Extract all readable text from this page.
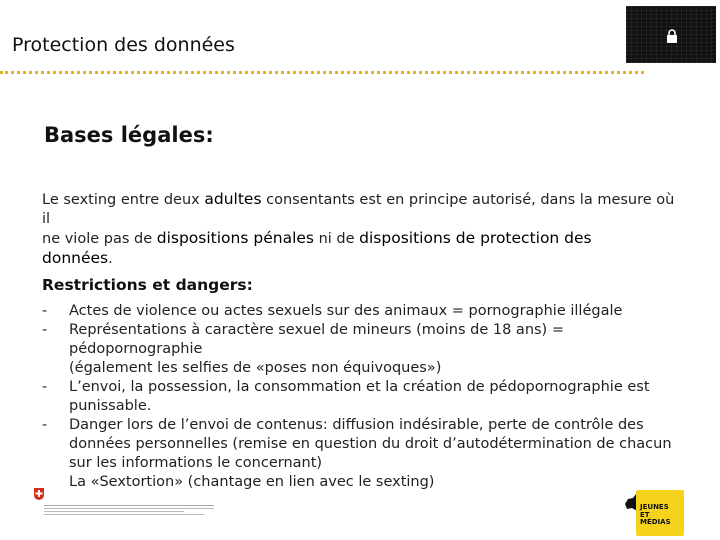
Protection des données
Bases légales:
Le sexting entre deux adultes consentants est en principe autorisé, dans la mesure où il
ne viole pas de dispositions pénales ni de dispositions de protection des
données.
Restrictions et dangers:
- Actes de violence ou actes sexuels sur des animaux = pornographie illégale
- Représentations à caractère sexuel de mineurs (moins de 18 ans) =
pédopornographie
(également les selfies de «poses non équivoques»)
- L’envoi, la possession, la consommation et la création de pédopornographie est
punissable.
- Danger lors de l’envoi de contenus: diffusion indésirable, perte de contrôle des
données personnelles (remise en question du droit d’autodétermination de chacun
sur les informations le concernant)
La «Sextortion» (chantage en lien avec le sexting)
JEUNES
ET
MÉDIAS
